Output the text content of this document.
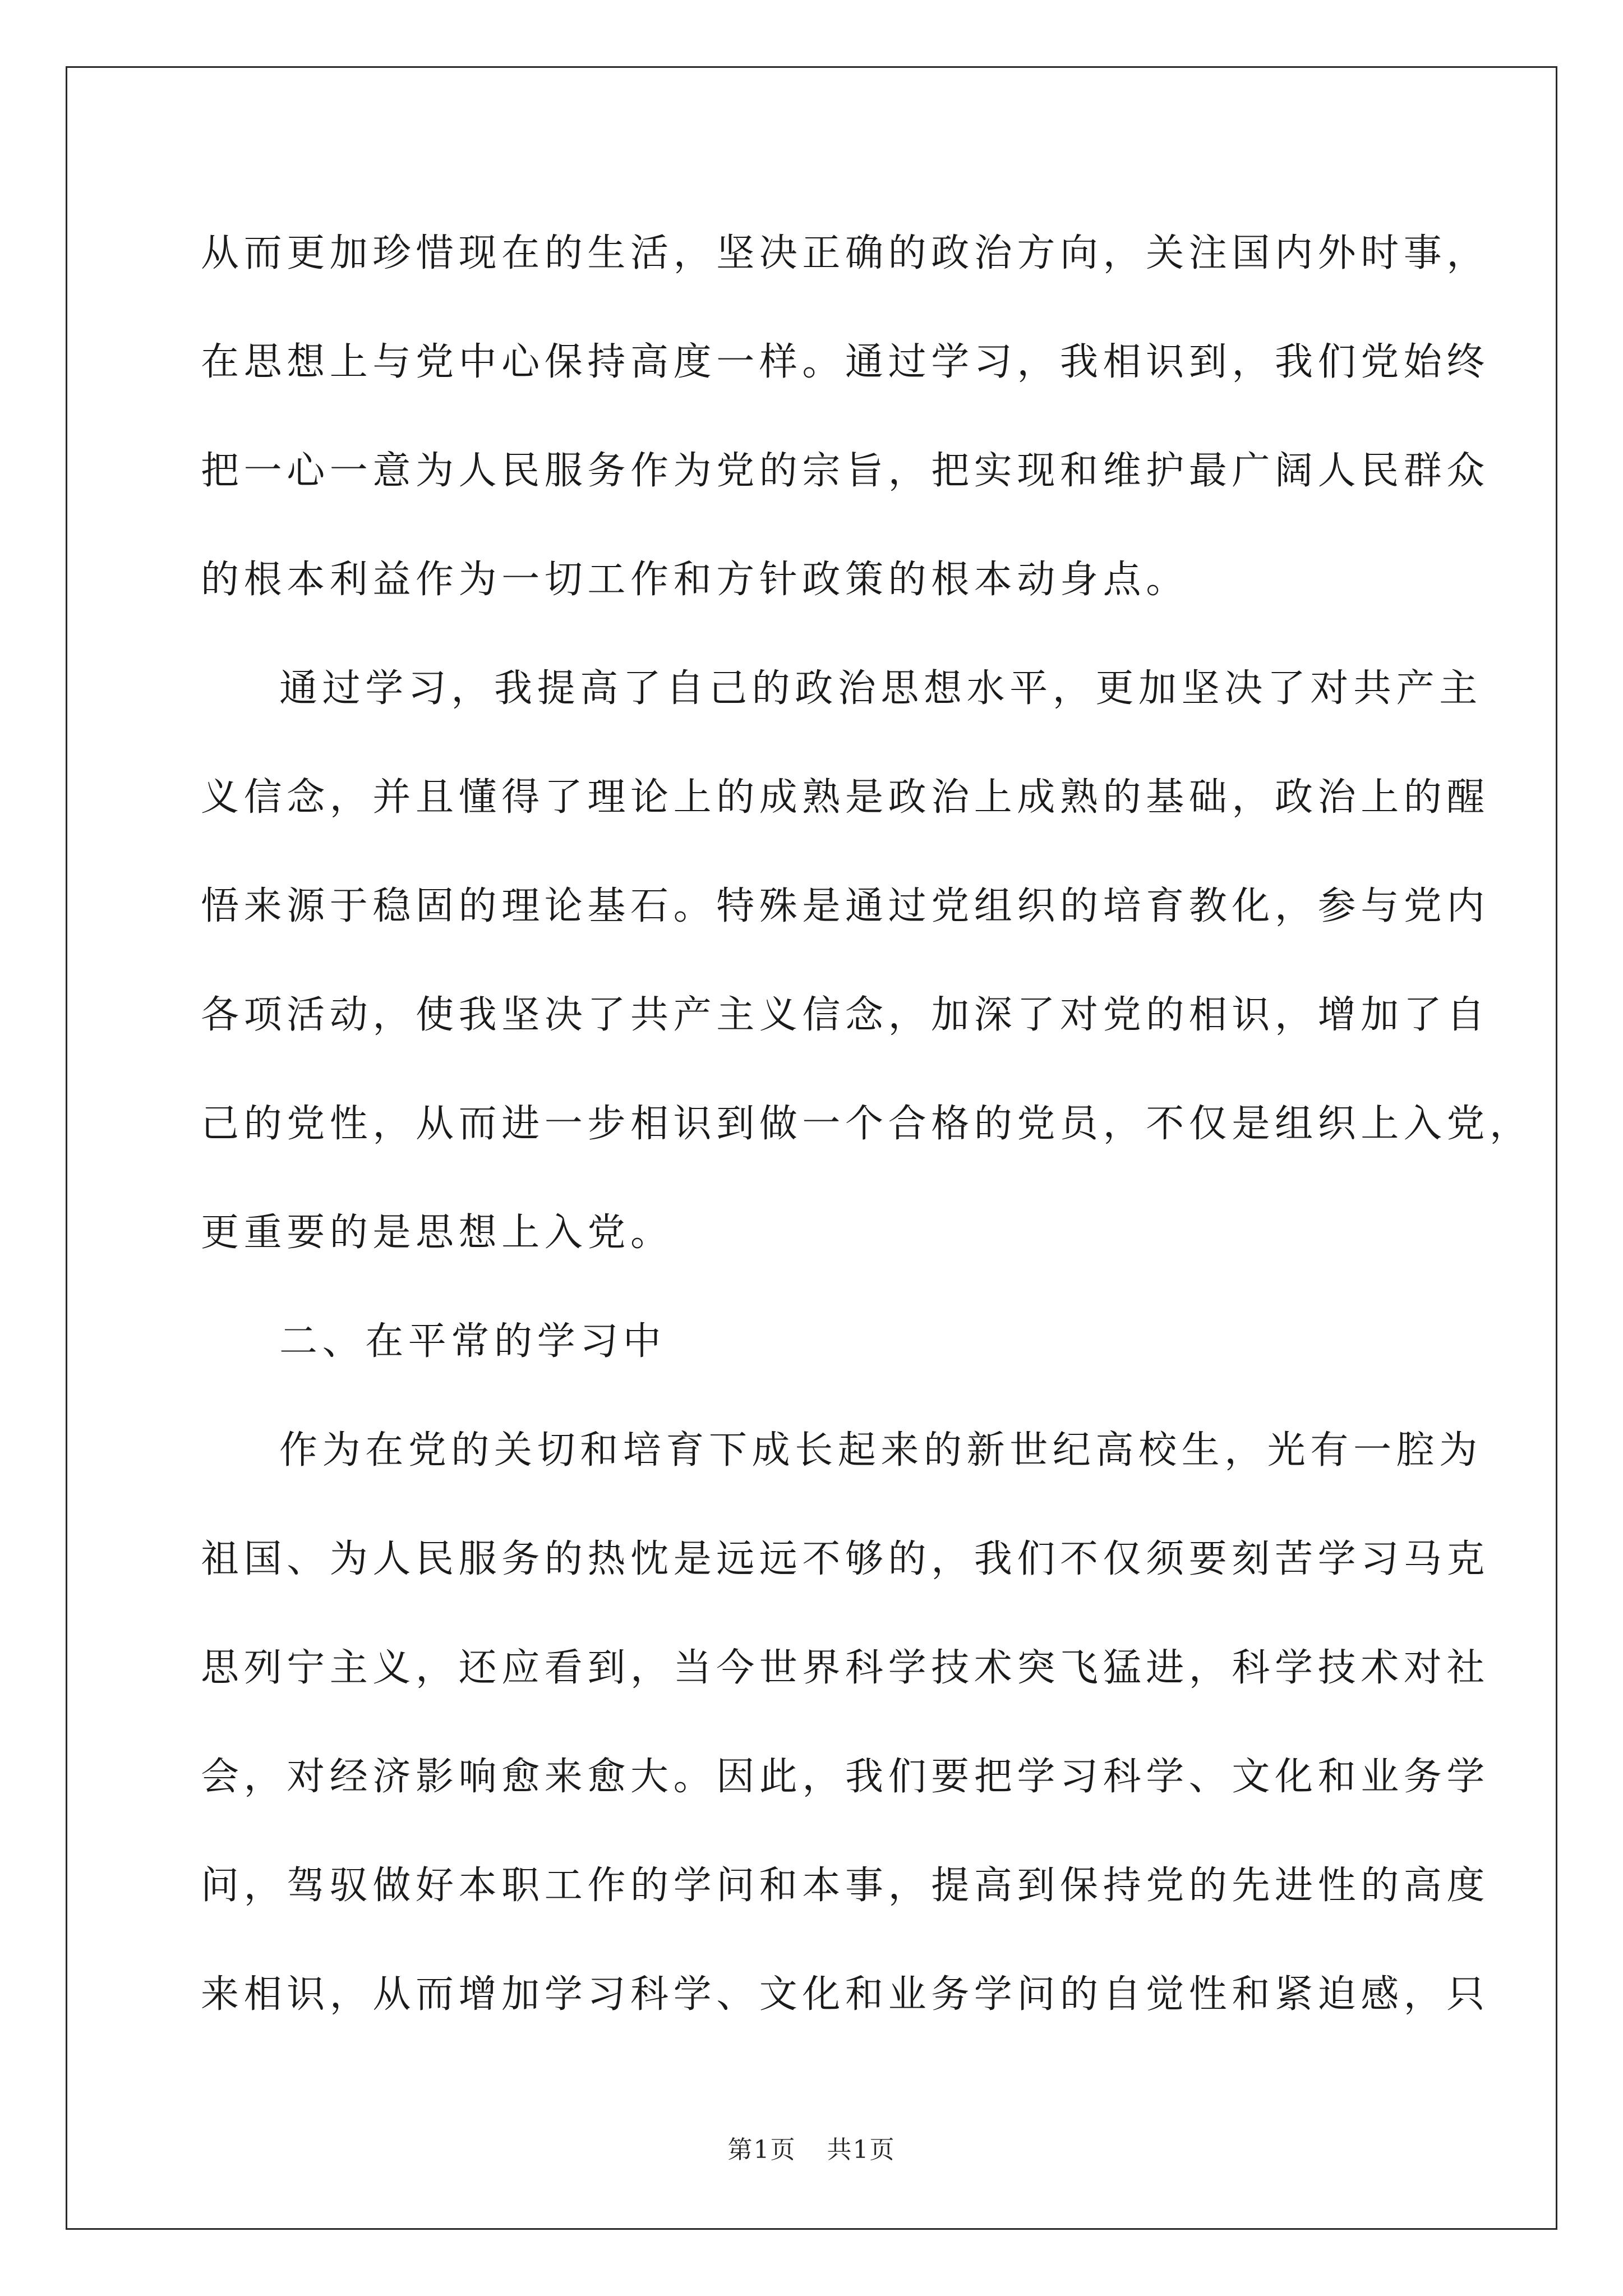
从而更加珍惜现在的生活，坚决正确的政治方向，关注国内外时事，

在思想上与党中心保持高度一样。通过学习，我相识到，我们党始终

把一心一意为人民服务作为党的宗旨，把实现和维护最广阔人民群众

的根本利益作为一切工作和方针政策的根本动身点。

通过学习，我提高了自己的政治思想水平，更加坚决了对共产主

义信念，并且懂得了理论上的成熟是政治上成熟的基础，政治上的醒

悟来源于稳固的理论基石。特殊是通过党组织的培育教化，参与党内

各项活动，使我坚决了共产主义信念，加深了对党的相识，增加了自

己的党性，从而进一步相识到做一个合格的党员，不仅是组织上入党，

更重要的是思想上入党。

二、在平常的学习中

作为在党的关切和培育下成长起来的新世纪高校生，光有一腔为

祖国、为人民服务的热忱是远远不够的，我们不仅须要刻苦学习马克

思列宁主义，还应看到，当今世界科学技术突飞猛进，科学技术对社

会，对经济影响愈来愈大。因此，我们要把学习科学、文化和业务学

问，驾驭做好本职工作的学问和本事，提高到保持党的先进性的高度

来相识，从而增加学习科学、文化和业务学问的自觉性和紧迫感，只

第1页 共1页
